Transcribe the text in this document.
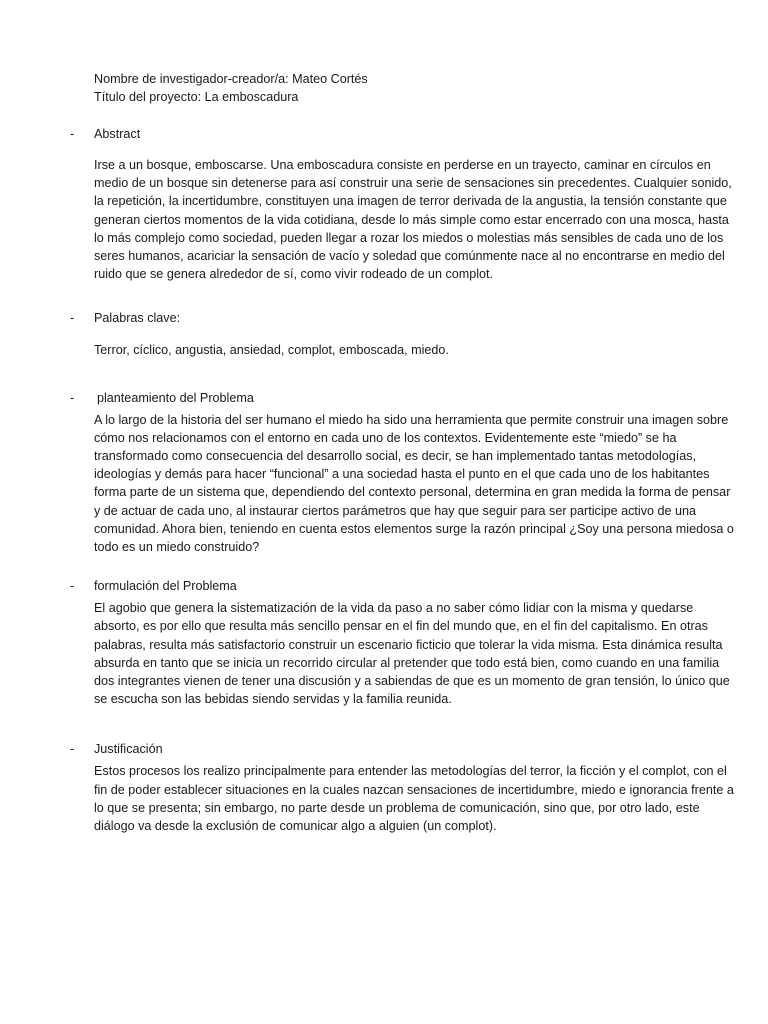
Nombre de investigador-creador/a: Mateo Cortés

Título del proyecto: La emboscadura

- Abstract

Irse a un bosque, emboscarse. Una emboscadura consiste en perderse en un trayecto, caminar en círculos en medio de un bosque sin detenerse para así construir una serie de sensaciones sin precedentes. Cualquier sonido, la repetición, la incertidumbre, constituyen una imagen de terror derivada de la angustia, la tensión constante que generan ciertos momentos de la vida cotidiana, desde lo más simple como estar encerrado con una mosca, hasta lo más complejo como sociedad, pueden llegar a rozar los miedos o molestias más sensibles de cada uno de los seres humanos, acariciar la sensación de vacío y soledad que comúnmente nace al no encontrarse en medio del ruido que se genera alrededor de sí, como vivir rodeado de un complot.

- Palabras clave:

Terror, cíclico, angustia, ansiedad, complot, emboscada, miedo.

- planteamiento del Problema

A lo largo de la historia del ser humano el miedo ha sido una herramienta que permite construir una imagen sobre cómo nos relacionamos con el entorno en cada uno de los contextos. Evidentemente este “miedo” se ha transformado como consecuencia del desarrollo social, es decir, se han implementado tantas metodologías, ideologías y demás para hacer “funcional” a una sociedad hasta el punto en el que cada uno de los habitantes forma parte de un sistema que, dependiendo del contexto personal, determina en gran medida la forma de pensar y de actuar de cada uno, al instaurar ciertos parámetros que hay que seguir para ser participe activo de una comunidad. Ahora bien, teniendo en cuenta estos elementos surge la razón principal ¿Soy una persona miedosa o todo es un miedo construido?

- formulación del Problema

El agobio que genera la sistematización de la vida da paso a no saber cómo lidiar con la misma y quedarse absorto, es por ello que resulta más sencillo pensar en el fin del mundo que, en el fin del capitalismo. En otras palabras, resulta más satisfactorio construir un escenario ficticio que tolerar la vida misma. Esta dinámica resulta absurda en tanto que se inicia un recorrido circular al pretender que todo está bien, como cuando en una familia dos integrantes vienen de tener una discusión y a sabiendas de que es un momento de gran tensión, lo único que se escucha son las bebidas siendo servidas y la familia reunida.

- Justificación

Estos procesos los realizo principalmente para entender las metodologías del terror, la ficción y el complot, con el fin de poder establecer situaciones en la cuales nazcan sensaciones de incertidumbre, miedo e ignorancia frente a lo que se presenta; sin embargo, no parte desde un problema de comunicación, sino que, por otro lado, este diálogo va desde la exclusión de comunicar algo a alguien (un complot).
